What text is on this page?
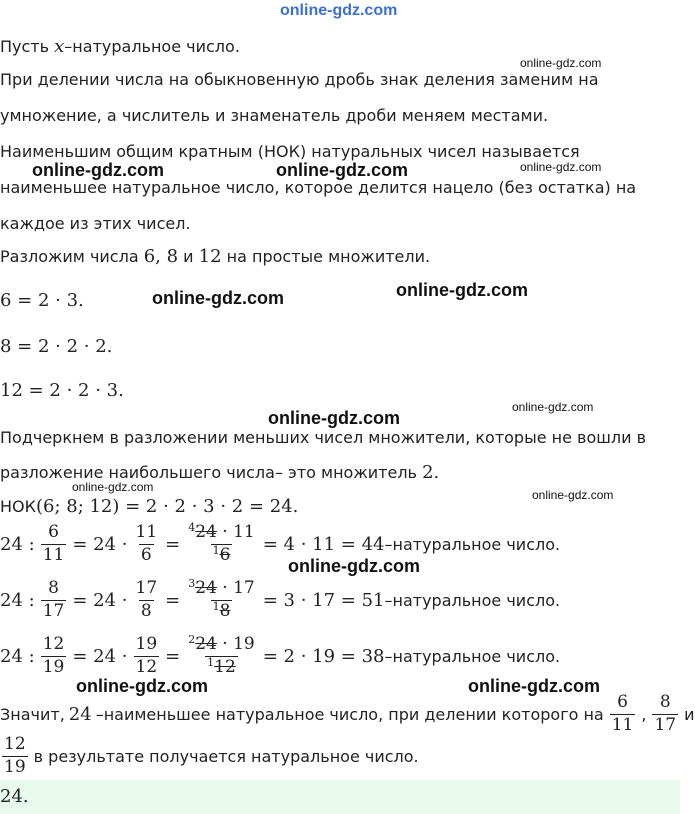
online-gdz.com
Пусть x–натуральное число.
При делении числа на обыкновенную дробь знак деления заменим на
online-gdz.com
умножение, а числитель и знаменатель дроби меняем местами.
Наименьшим общим кратным (НОК) натуральных чисел называется
online-gdz.com	online-gdz.com	online-gdz.com
наименьшее натуральное число, которое делится нацело (без остатка) на
каждое из этих чисел.
Разложим числа 6, 8 и 12 на простые множители.
6 = 2 · 3.	online-gdz.com	online-gdz.com
8 = 2 · 2 · 2.
12 = 2 · 2 · 3.
online-gdz.com
online-gdz.com
Подчеркнем в разложении меньших чисел множители, которые не вошли в
разложение наибольшего числа– это множитель 2.
online-gdz.com
online-gdz.com
НОК(6; 8; 12) = 2 · 2 · 3 · 2 = 24.
24 : $\frac{6}{11} = 24 \cdot \frac{11}{6} = \frac{^424 \cdot 11}{^16} = 4 \cdot 11 = 44$ –натуральное число.
online-gdz.com
24 : $\frac{8}{17} = 24 \cdot \frac{17}{8} = \frac{^324 \cdot 17}{^18} = 3 \cdot 17 = 51$ –натуральное число.
24 : $\frac{12}{19} = 24 \cdot \frac{19}{12} = \frac{^224 \cdot 19}{^112} = 2 \cdot 19 = 38$ –натуральное число.
online-gdz.com	online-gdz.com
Значит, 24 –наименьшее натуральное число, при делении которого на $\frac{6}{11}$ , $\frac{8}{17}$ и
$\frac{12}{19}$ в результате получается натуральное число.
24.
